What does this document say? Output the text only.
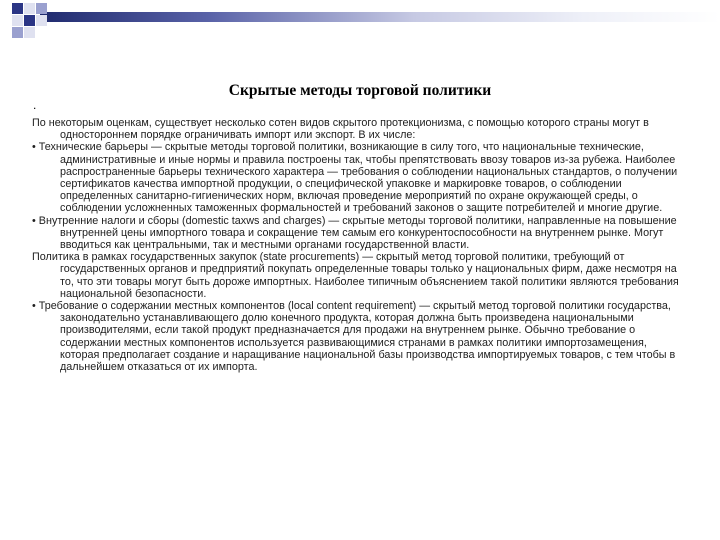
Скрытые методы торговой политики
.

По некоторым оценкам, существует несколько сотен видов скрытого протекционизма, с помощью которого страны могут в одностороннем порядке ограничивать импорт или экспорт. В их числе:

• Технические барьеры — скрытые методы торговой политики, возникающие в силу того, что национальные технические, административные и иные нормы и правила построены так, чтобы препятствовать ввозу товаров из-за рубежа. Наиболее распространенные барьеры технического характера — требования о соблюдении национальных стандартов, о получении сертификатов качества импортной продукции, о специфической упаковке и маркировке товаров, о соблюдении определенных санитарно-гигиенических норм, включая проведение мероприятий по охране окружающей среды, о соблюдении усложненных таможенных формальностей и требований законов о защите потребителей и многие другие.

• Внутренние налоги и сборы (domestic taxws and charges) — скрытые методы торговой политики, направленные на повышение внутренней цены импортного товара и сокращение тем самым его конкурентоспособности на внутреннем рынке. Могут вводиться как центральными, так и местными органами государственной власти.

Политика в рамках государственных закупок (state procurements) — скрытый метод торговой политики, требующий от государственных органов и предприятий покупать определенные товары только у национальных фирм, даже несмотря на то, что эти товары могут быть дороже импортных. Наиболее типичным объяснением такой политики являются требования национальной безопасности.

• Требование о содержании местных компонентов (local content requirement) — скрытый метод торговой политики государства, законодательно устанавливающего долю конечного продукта, которая должна быть произведена национальными производителями, если такой продукт предназначается для продажи на внутреннем рынке. Обычно требование о содержании местных компонентов используется развивающимися странами в рамках политики импортозамещения, которая предполагает создание и наращивание национальной базы производства импортируемых товаров, с тем чтобы в дальнейшем отказаться от их импорта.
